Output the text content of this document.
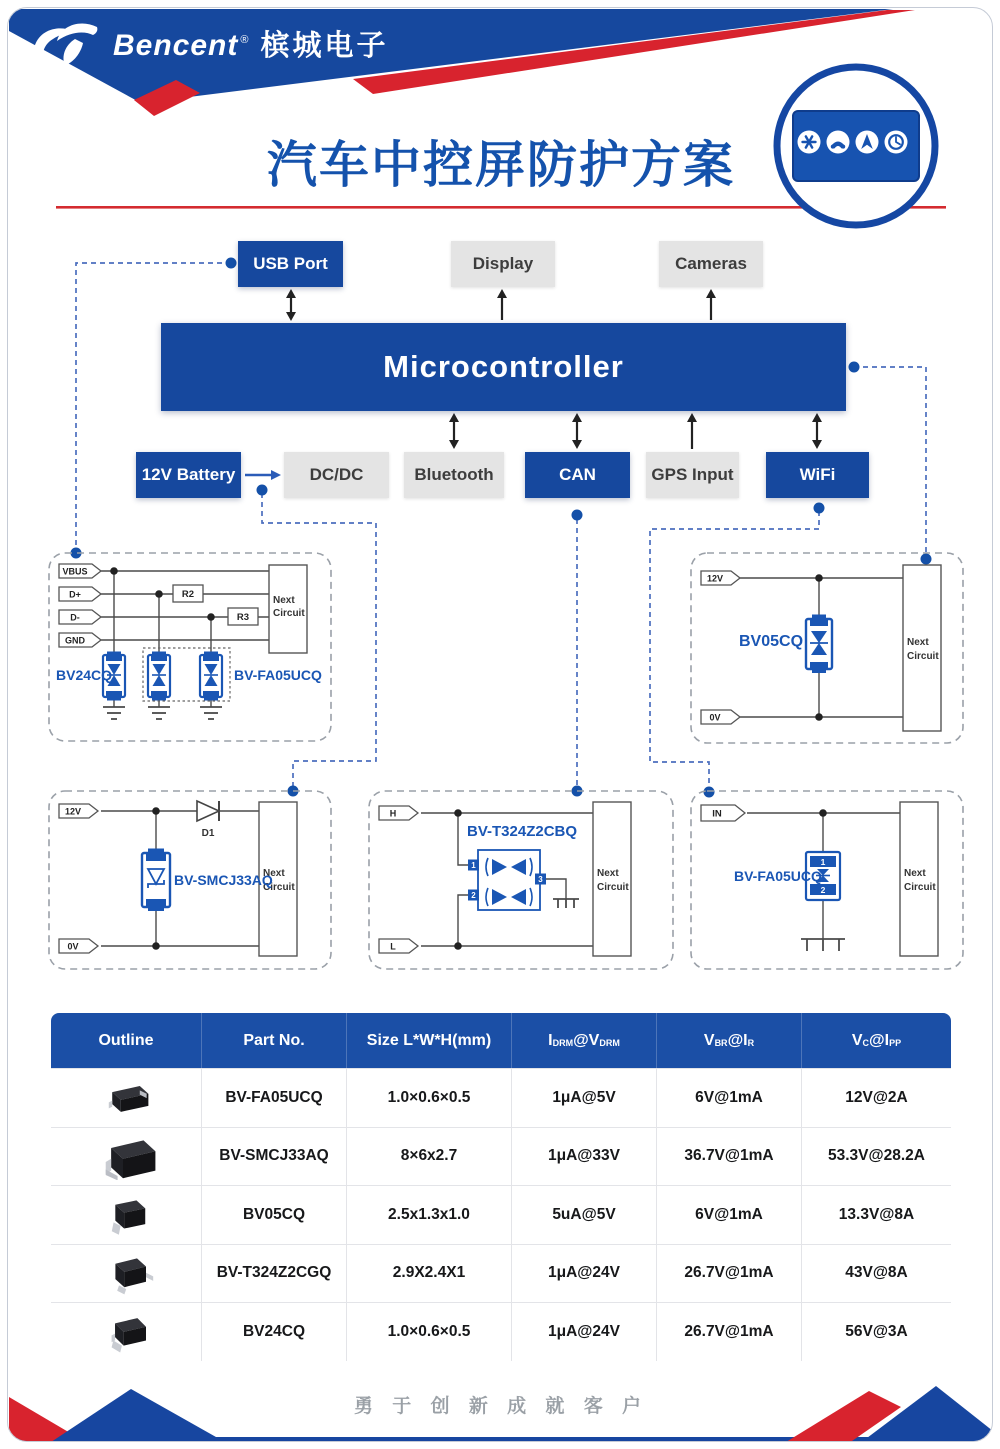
VBUS
D+
D-
GND
R2
R3
Next
Circuit
12V
0V
Next
Circuit
D1
12V
0V
Next
Circuit
H
L
Next
Circuit
1
2
3
IN
Next
Circuit
1
2
Bencent ® 槟城电子
汽车中控屏防护方案
USB Port	Display	Cameras
Microcontroller
12V Battery	DC/DC	Bluetooth	CAN	GPS Input	WiFi
BV24CQ	BV-FA05UCQ
BV05CQ
BV-SMCJ33AQ
BV-T324Z2CBQ
BV-FA05UCQ
Outline	Part No.	Size L*W*H(mm)	$I_{DRM}$ $@V_{DRM}$	$V_{BR}$ $@I_R$	$V_C$ $@I_{PP}$
BV-FA05UCQ	1.0×0.6×0.5	1μA@5V	6V@1mA	12V@2A
BV-SMCJ33AQ	8×6x2.7	1μA@33V	36.7V@1mA	53.3V@28.2A
BV05CQ	2.5x1.3x1.0	5uA@5V	6V@1mA	13.3V@8A
BV-T324Z2CGQ	2.9X2.4X1	1μA@24V	26.7V@1mA	43V@8A
BV24CQ	1.0×0.6×0.5	1μA@24V	26.7V@1mA	56V@3A
勇 于 创 新 成 就 客 户
